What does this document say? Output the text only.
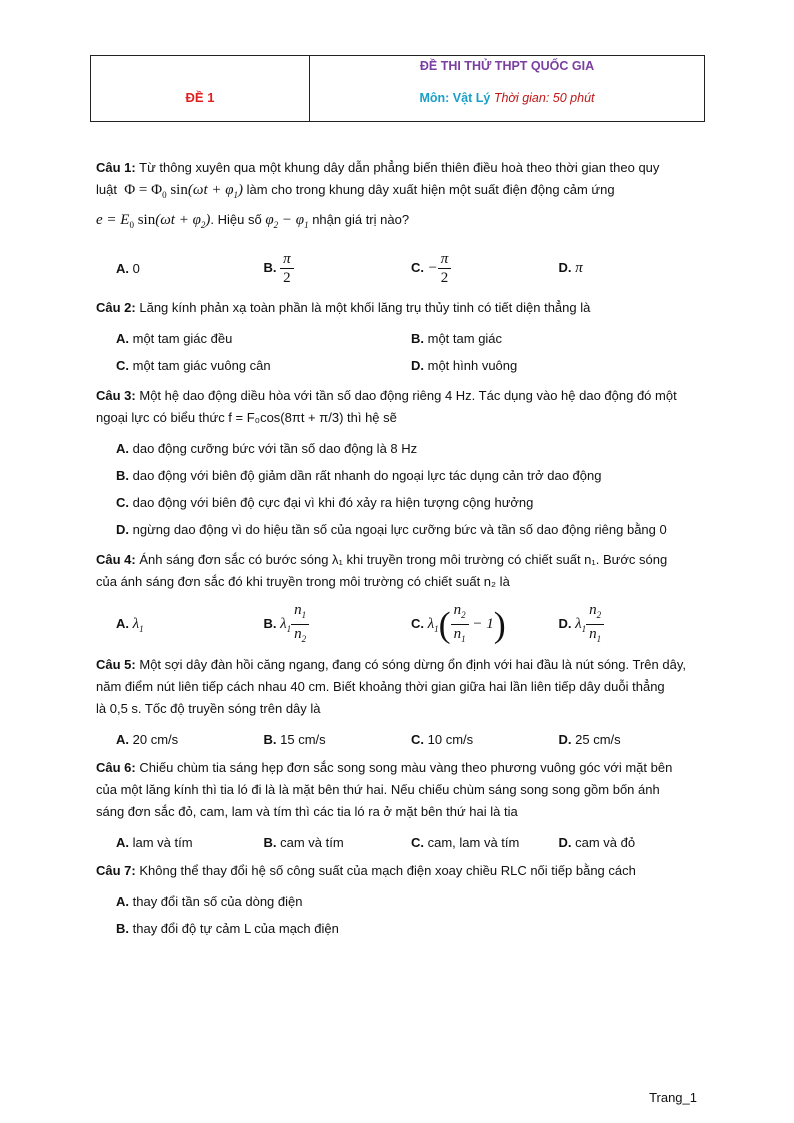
ĐỀ 1
ĐỀ THI THỬ THPT QUỐC GIA
Môn: Vật Lý Thời gian: 50 phút

Câu 1: Từ thông xuyên qua một khung dây dẫn phẳng biến thiên điều hoà theo thời gian theo quy

luật $\Phi = \Phi_0$ $\sin(\omega t + \varphi_1)$ làm cho trong khung dây xuất hiện một suất điện động cảm ứng

$e = E_0$ $\sin(\omega t + \varphi_2)$. Hiệu số $\varphi_2 - \varphi_1$ nhận giá trị nào?

A. 0	B. $\frac{\pi}{2}$	C. − $\frac{\pi}{2}$	D. π

Câu 2: Lăng kính phản xạ toàn phần là một khối lăng trụ thủy tinh có tiết diện thẳng là

A. một tam giác đều	B. một tam giác
C. một tam giác vuông cân	D. một hình vuông

Câu 3: Một hệ dao động diều hòa với tần số dao động riêng 4 Hz. Tác dụng vào hệ dao động đó một

ngoại lực có biểu thức f = F₀cos(8πt + π/3) thì hệ sẽ

A. dao động cưỡng bức với tần số dao động là 8 Hz
B. dao động với biên độ giảm dần rất nhanh do ngoại lực tác dụng cản trở dao động
C. dao động với biên độ cực đại vì khi đó xảy ra hiện tượng cộng hưởng
D. ngừng dao động vì do hiệu tần số của ngoại lực cưỡng bức và tần số dao động riêng bằng 0

Câu 4: Ánh sáng đơn sắc có bước sóng λ₁ khi truyền trong môi trường có chiết suất n₁. Bước sóng

của ánh sáng đơn sắc đó khi truyền trong môi trường có chiết suất n₂ là

A. $\lambda_1$	B. $\lambda_1 \frac{n_1}{n_2}$	C. $\lambda_1( \frac{n_2}{n_1} - 1)$	D. $\lambda_1 \frac{n_2}{n_1}$

Câu 5: Một sợi dây đàn hồi căng ngang, đang có sóng dừng ổn định với hai đầu là nút sóng. Trên dây,

năm điểm nút liên tiếp cách nhau 40 cm. Biết khoảng thời gian giữa hai lần liên tiếp dây duỗi thẳng

là 0,5 s. Tốc độ truyền sóng trên dây là

A. 20 cm/s	B. 15 cm/s	C. 10 cm/s	D. 25 cm/s

Câu 6: Chiếu chùm tia sáng hẹp đơn sắc song song màu vàng theo phương vuông góc với mặt bên

của một lăng kính thì tia ló đi là là mặt bên thứ hai. Nếu chiếu chùm sáng song song gồm bốn ánh

sáng đơn sắc đỏ, cam, lam và tím thì các tia ló ra ở mặt bên thứ hai là tia

A. lam và tím	B. cam và tím	C. cam, lam và tím	D. cam và đỏ

Câu 7: Không thể thay đổi hệ số công suất của mạch điện xoay chiều RLC nối tiếp bằng cách

A. thay đổi tần số của dòng điện
B. thay đổi độ tự cảm L của mạch điện
Trang_1
